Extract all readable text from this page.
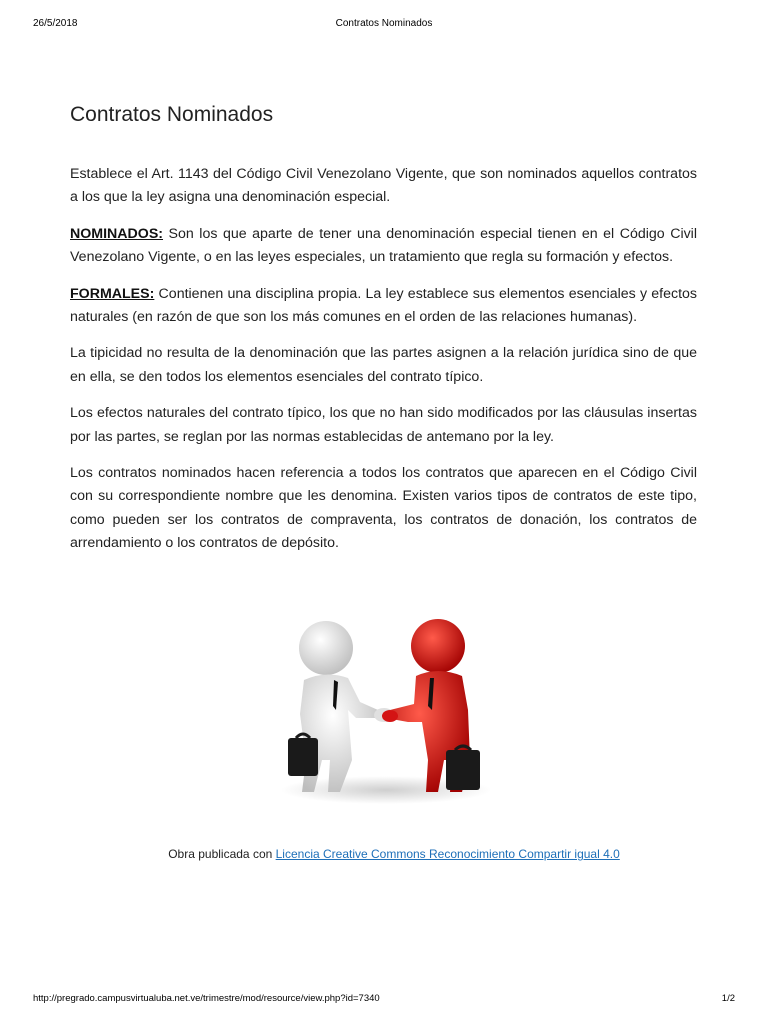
26/5/2018	Contratos Nominados
Contratos Nominados

Establece el Art. 1143 del Código Civil Venezolano Vigente, que son nominados aquellos contratos a los que la ley asigna una denominación especial.

NOMINADOS: Son los que aparte de tener una denominación especial tienen en el Código Civil Venezolano Vigente, o en las leyes especiales, un tratamiento que regla su formación y efectos.

FORMALES: Contienen una disciplina propia. La ley establece sus elementos esenciales y efectos naturales (en razón de que son los más comunes en el orden de las relaciones humanas).

La tipicidad no resulta de la denominación que las partes asignen a la relación jurídica sino de que en ella, se den todos los elementos esenciales del contrato típico.

Los efectos naturales del contrato típico, los que no han sido modificados por las cláusulas insertas por las partes, se reglan por las normas establecidas de antemano por la ley.

Los contratos nominados hacen referencia a todos los contratos que aparecen en el Código Civil con su correspondiente nombre que les denomina. Existen varios tipos de contratos de este tipo, como pueden ser los contratos de compraventa, los contratos de donación, los contratos de arrendamiento o los contratos de depósito.

Obra publicada con Licencia Creative Commons Reconocimiento Compartir igual 4.0
http://pregrado.campusvirtualuba.net.ve/trimestre/mod/resource/view.php?id=7340	1/2
